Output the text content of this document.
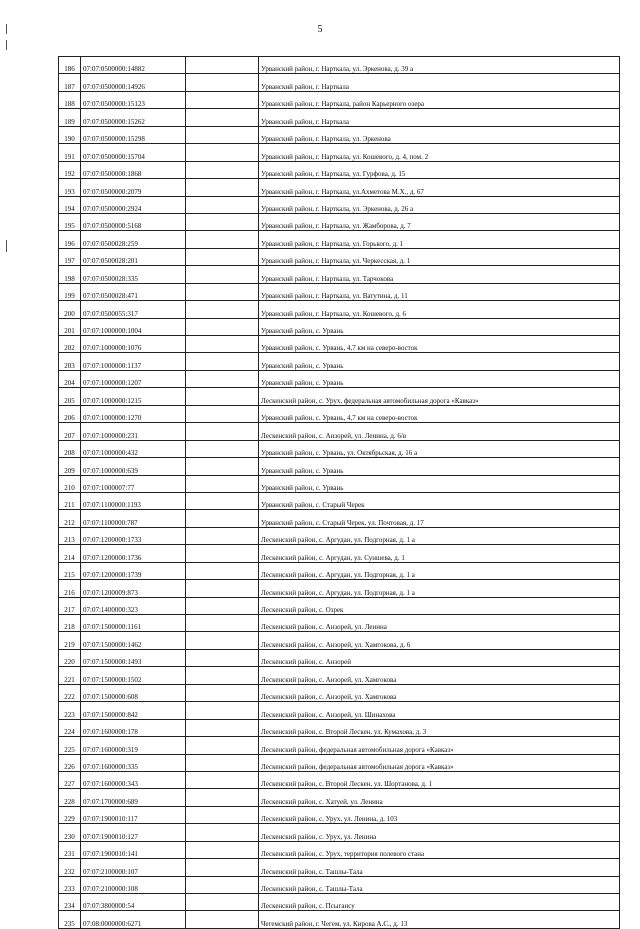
5
186	07:07:0500000:14882		Урванский район, г. Нарткала, ул. Эркенова, д. 39 а
187	07:07:0500000:14926		Урванский район, г. Нарткала
188	07:07:0500000:15123		Урванский район, г. Нарткала, район Карьерного озера
189	07:07:0500000:15262		Урванский район, г. Нарткала
190	07:07:0500000:15298		Урванский район, г. Нарткала, ул. Эркенова
191	07:07:0500000:15704		Урванский район, г. Нарткала, ул. Кошевого, д. 4, пом. 2
192	07:07:0500000:1868		Урванский район, г. Нарткала, ул. Гурфова, д. 15
193	07:07:0500000:2079		Урванский район, г. Нарткала, ул.Ахметова М.Х., д. 67
194	07:07:0500000:2924		Урванский район, г. Нарткала, ул. Эркенова, д. 26 а
195	07:07:0500000:5168		Урванский район, г. Нарткала, ул. Жамборова, д. 7
196	07:07:0500028:259		Урванский район, г. Нарткала, ул. Горького, д. 1
197	07:07:0500028:201		Урванский район, г. Нарткала, ул. Черкесская, д. 1
198	07:07:0500028:335		Урванский район, г. Нарткала, ул. Тарчокова
199	07:07:0500028:471		Урванский район, г. Нарткала, ул. Ватутина, д. 11
200	07:07:0500055:317		Урванский район, г. Нарткала, ул. Кошевого, д. 6
201	07:07:1000000:1004		Урванский район, с. Урвань
202	07:07:1000000:1076		Урванский район, с. Урвань, 4,7 км на северо-восток
203	07:07:1000000:1137		Урванский район, с. Урвань
204	07:07:1000000:1207		Урванский район, с. Урвань
205	07:07:1000000:1215		Лескенский район, с. Урух, федеральная автомобильная дорога «Кавказ»
206	07:07:1000000:1270		Урванский район, с. Урвань, 4,7 км на северо-восток
207	07:07:1000000:231		Лескенский район, с. Анзорей, ул. Ленина, д. 6/в
208	07:07:1000000:432		Урванский район, с. Урвань, ул. Октябрьская, д. 16 а
209	07:07:1000000:639		Урванский район, с. Урвань
210	07:07:1000007:77		Урванский район, с. Урвань
211	07:07:1100000:1193		Урванский район, с. Старый Черек
212	07:07:1100000:787		Урванский район, с. Старый Черек, ул. Почтовая, д. 17
213	07:07:1200000:1733		Лескенский район, с. Аргудан, ул. Подгорная, д. 1 а
214	07:07:1200000:1736		Лескенский район, с. Аргудан, ул. Суншева, д. 1
215	07:07:1200000:1739		Лескенский район, с. Аргудан, ул. Подгорная, д. 1 а
216	07:07:1200009:873		Лескенский район, с. Аргудан, ул. Подгорная, д. 1 а
217	07:07:1400000:323		Лескенский район, с. Озрек
218	07:07:1500000:1161		Лескенский район, с. Анзорей, ул. Ленина
219	07:07:1500000:1462		Лескенский район, с. Анзорей, ул. Хамгокова, д. 6
220	07:07:1500000:1493		Лескенский район, с. Анзорей
221	07:07:1500000:1502		Лескенский район, с. Анзорей, ул. Хамгокова
222	07:07:1500000:608		Лескенский район, с. Анзорей, ул. Хамгокова
223	07:07:1500000:842		Лескенский район, с. Анзорей, ул. Шинахова
224	07:07:1600000:178		Лескенский район, с. Второй Лескен, ул. Кумахова, д. 3
225	07:07:1600000:319		Лескенский район, федеральная автомобильная дорога «Кавказ»
226	07:07:1600000:335		Лескенский район, федеральная автомобильная дорога «Кавказ»
227	07:07:1600000:343		Лескенский район, с. Второй Лескен, ул. Шортанова, д. 1
228	07:07:1700000:689		Лескенский район, с. Хатуей, ул. Ленина
229	07:07:1900010:117		Лескенский район, с. Урух, ул. Ленина, д. 103
230	07:07:1900010:127		Лескенский район, с. Урух, ул. Ленина
231	07:07:1900010:141		Лескенский район, с. Урух, территория полевого стана
232	07:07:2100000:107		Лескенский район, с. Ташлы-Тала
233	07:07:2100000:108		Лескенский район, с. Ташлы-Тала
234	07:07:3800000:54		Лескенский район, с. Псыгансу
235	07:08:0000000:6271		Чегемский район, г. Чегем, ул. Кирова А.С., д. 13
